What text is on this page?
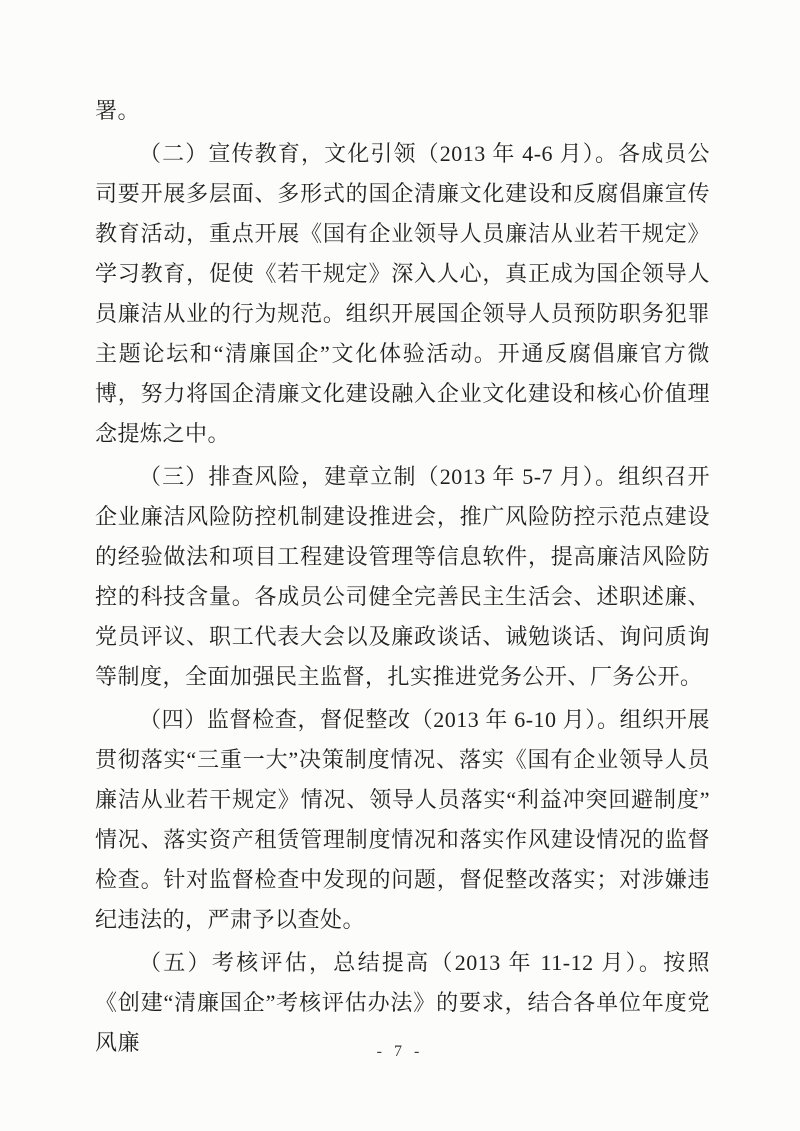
署。

（二）宣传教育，文化引领（2013 年 4-6 月）。各成员公司要开展多层面、多形式的国企清廉文化建设和反腐倡廉宣传教育活动，重点开展《国有企业领导人员廉洁从业若干规定》学习教育，促使《若干规定》深入人心，真正成为国企领导人员廉洁从业的行为规范。组织开展国企领导人员预防职务犯罪主题论坛和“清廉国企”文化体验活动。开通反腐倡廉官方微博，努力将国企清廉文化建设融入企业文化建设和核心价值理念提炼之中。

（三）排查风险，建章立制（2013 年 5-7 月）。组织召开企业廉洁风险防控机制建设推进会，推广风险防控示范点建设的经验做法和项目工程建设管理等信息软件，提高廉洁风险防控的科技含量。各成员公司健全完善民主生活会、述职述廉、党员评议、职工代表大会以及廉政谈话、诫勉谈话、询问质询等制度，全面加强民主监督，扎实推进党务公开、厂务公开。

（四）监督检查，督促整改（2013 年 6-10 月）。组织开展贯彻落实“三重一大”决策制度情况、落实《国有企业领导人员廉洁从业若干规定》情况、领导人员落实“利益冲突回避制度”情况、落实资产租赁管理制度情况和落实作风建设情况的监督检查。针对监督检查中发现的问题，督促整改落实；对涉嫌违纪违法的，严肃予以查处。

（五）考核评估，总结提高（2013 年 11-12 月）。按照《创建“清廉国企”考核评估办法》的要求，结合各单位年度党风廉	- 7 -
